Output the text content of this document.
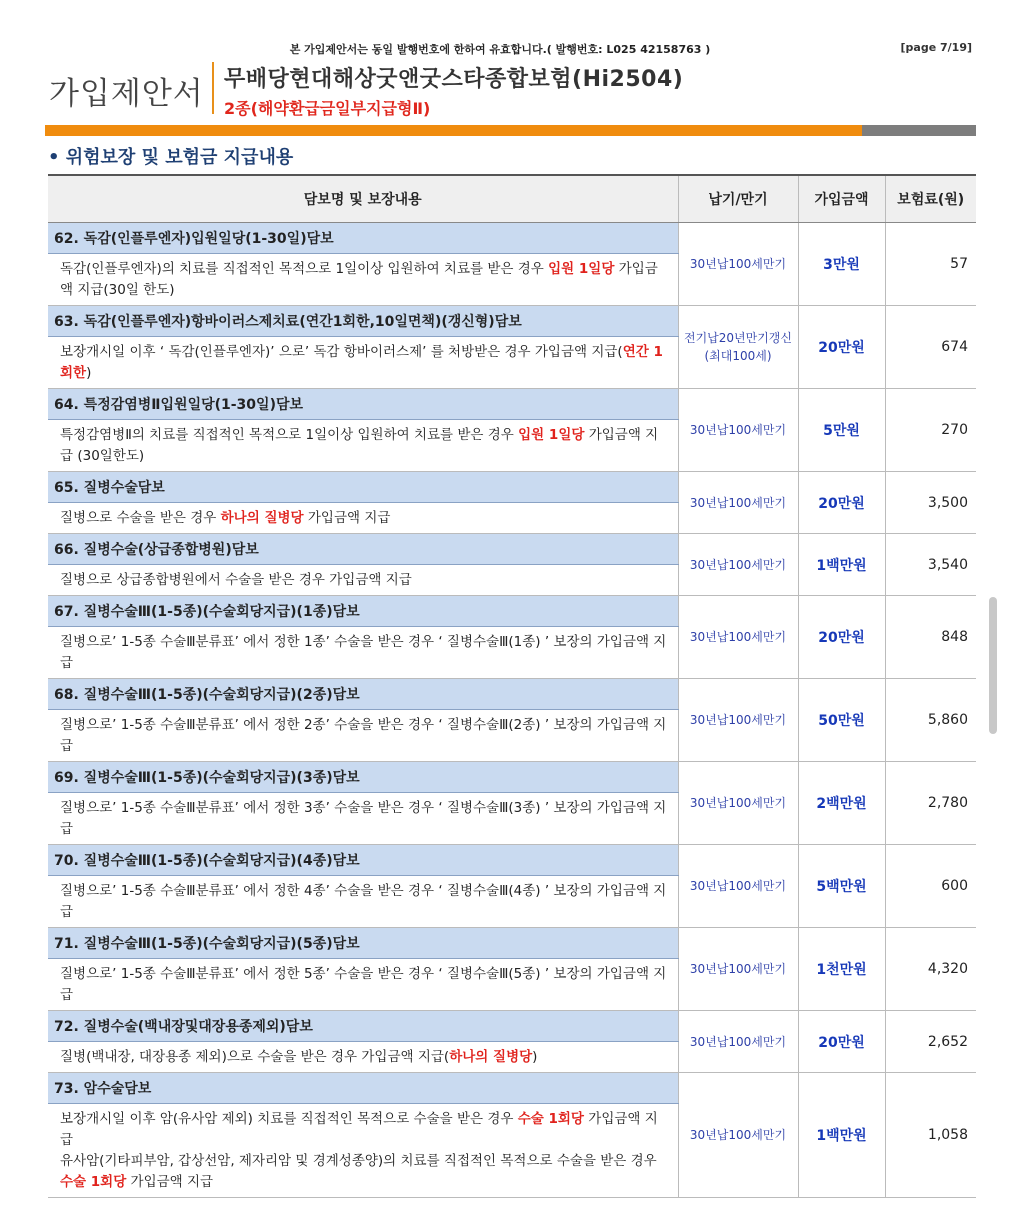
본 가입제안서는 동일 발행번호에 한하여 유효합니다.( 발행번호: L025 42158763 )	[page 7/19]
가입제안서 무배당현대해상굿앤굿스타종합보험(Hi2504)
2종(해약환급금일부지급형Ⅱ)
• 위험보장 및 보험금 지급내용
담보명 및 보장내용	납기/만기	가입금액	보험료(원)
62. 독감(인플루엔자)입원일당(1-30일)담보	30년납100세만기	3만원	57
독감(인플루엔자)의 치료를 직접적인 목적으로 1일이상 입원하여 치료를 받은 경우 입원 1일당 가입금액 지급(30일 한도)			
63. 독감(인플루엔자)항바이러스제치료(연간1회한,10일면책)(갱신형)담보	전기납20년만기갱신(최대100세)	20만원	674
보장개시일 이후 ‘ 독감(인플루엔자)’ 으로’ 독감 항바이러스제’ 를 처방받은 경우 가입금액 지급(연간 1회한)			
64. 특정감염병Ⅱ입원일당(1-30일)담보	30년납100세만기	5만원	270
특정감염병Ⅱ의 치료를 직접적인 목적으로 1일이상 입원하여 치료를 받은 경우 입원 1일당 가입금액 지급 (30일한도)			
65. 질병수술담보	30년납100세만기	20만원	3,500
질병으로 수술을 받은 경우 하나의 질병당 가입금액 지급			
66. 질병수술(상급종합병원)담보	30년납100세만기	1백만원	3,540
질병으로 상급종합병원에서 수술을 받은 경우 가입금액 지급			
67. 질병수술Ⅲ(1-5종)(수술회당지급)(1종)담보	30년납100세만기	20만원	848
질병으로’ 1-5종 수술Ⅲ분류표’ 에서 정한 1종’ 수술을 받은 경우 ‘ 질병수술Ⅲ(1종) ’ 보장의 가입금액 지급			
68. 질병수술Ⅲ(1-5종)(수술회당지급)(2종)담보	30년납100세만기	50만원	5,860
질병으로’ 1-5종 수술Ⅲ분류표’ 에서 정한 2종’ 수술을 받은 경우 ‘ 질병수술Ⅲ(2종) ’ 보장의 가입금액 지급			
69. 질병수술Ⅲ(1-5종)(수술회당지급)(3종)담보	30년납100세만기	2백만원	2,780
질병으로’ 1-5종 수술Ⅲ분류표’ 에서 정한 3종’ 수술을 받은 경우 ‘ 질병수술Ⅲ(3종) ’ 보장의 가입금액 지급			
70. 질병수술Ⅲ(1-5종)(수술회당지급)(4종)담보	30년납100세만기	5백만원	600
질병으로’ 1-5종 수술Ⅲ분류표’ 에서 정한 4종’ 수술을 받은 경우 ‘ 질병수술Ⅲ(4종) ’ 보장의 가입금액 지급			
71. 질병수술Ⅲ(1-5종)(수술회당지급)(5종)담보	30년납100세만기	1천만원	4,320
질병으로’ 1-5종 수술Ⅲ분류표’ 에서 정한 5종’ 수술을 받은 경우 ‘ 질병수술Ⅲ(5종) ’ 보장의 가입금액 지급			
72. 질병수술(백내장및대장용종제외)담보	30년납100세만기	20만원	2,652
질병(백내장, 대장용종 제외)으로 수술을 받은 경우 가입금액 지급(하나의 질병당)			
73. 암수술담보	30년납100세만기	1백만원	1,058
보장개시일 이후 암(유사암 제외) 치료를 직접적인 목적으로 수술을 받은 경우 수술 1회당 가입금액 지급
유사암(기타피부암, 갑상선암, 제자리암 및 경계성종양)의 치료를 직접적인 목적으로 수술을 받은 경우 수술 1회당 가입금액 지급			
